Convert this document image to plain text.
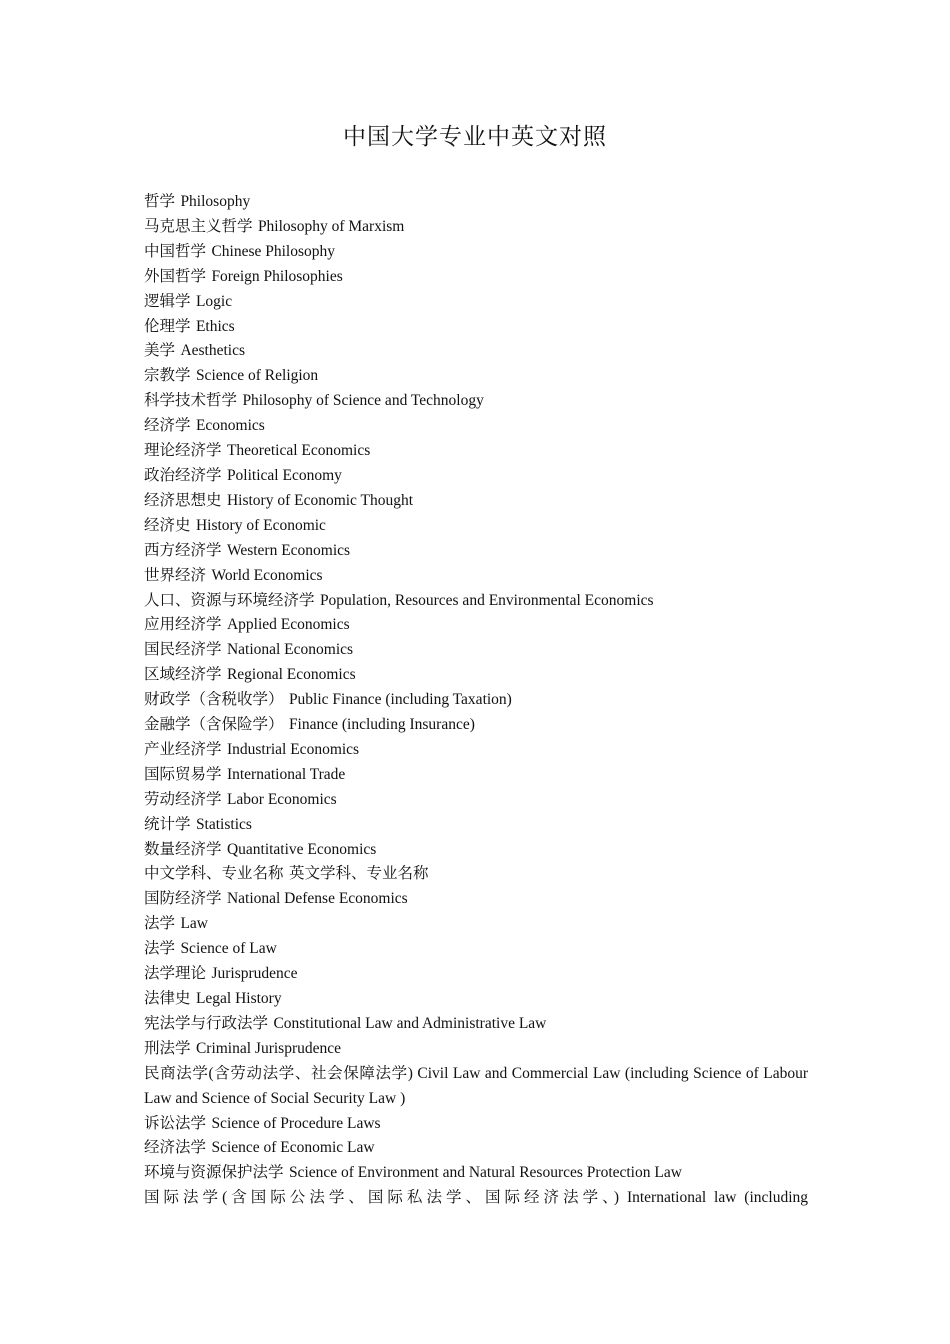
中国大学专业中英文对照
哲学 Philosophy
马克思主义哲学 Philosophy of Marxism
中国哲学 Chinese Philosophy
外国哲学 Foreign Philosophies
逻辑学 Logic
伦理学 Ethics
美学 Aesthetics
宗教学 Science of Religion
科学技术哲学 Philosophy of Science and Technology
经济学 Economics
理论经济学 Theoretical Economics
政治经济学 Political Economy
经济思想史 History of Economic Thought
经济史 History of Economic
西方经济学 Western Economics
世界经济 World Economics
人口、资源与环境经济学 Population, Resources and Environmental Economics
应用经济学 Applied Economics
国民经济学 National Economics
区域经济学 Regional Economics
财政学（含税收学） Public Finance (including Taxation)
金融学（含保险学） Finance (including Insurance)
产业经济学 Industrial Economics
国际贸易学 International Trade
劳动经济学 Labor Economics
统计学 Statistics
数量经济学 Quantitative Economics
中文学科、专业名称 英文学科、专业名称
国防经济学 National Defense Economics
法学 Law
法学 Science of Law
法学理论 Jurisprudence
法律史 Legal History
宪法学与行政法学 Constitutional Law and Administrative Law
刑法学 Criminal Jurisprudence
民商法学(含劳动法学、社会保障法学) Civil Law and Commercial Law (including Science of Labour Law and Science of Social Security Law )
诉讼法学 Science of Procedure Laws
经济法学 Science of Economic Law
环境与资源保护法学 Science of Environment and Natural Resources Protection Law
国际法学(含国际公法学、国际私法学、国际经济法学、) International law (including
